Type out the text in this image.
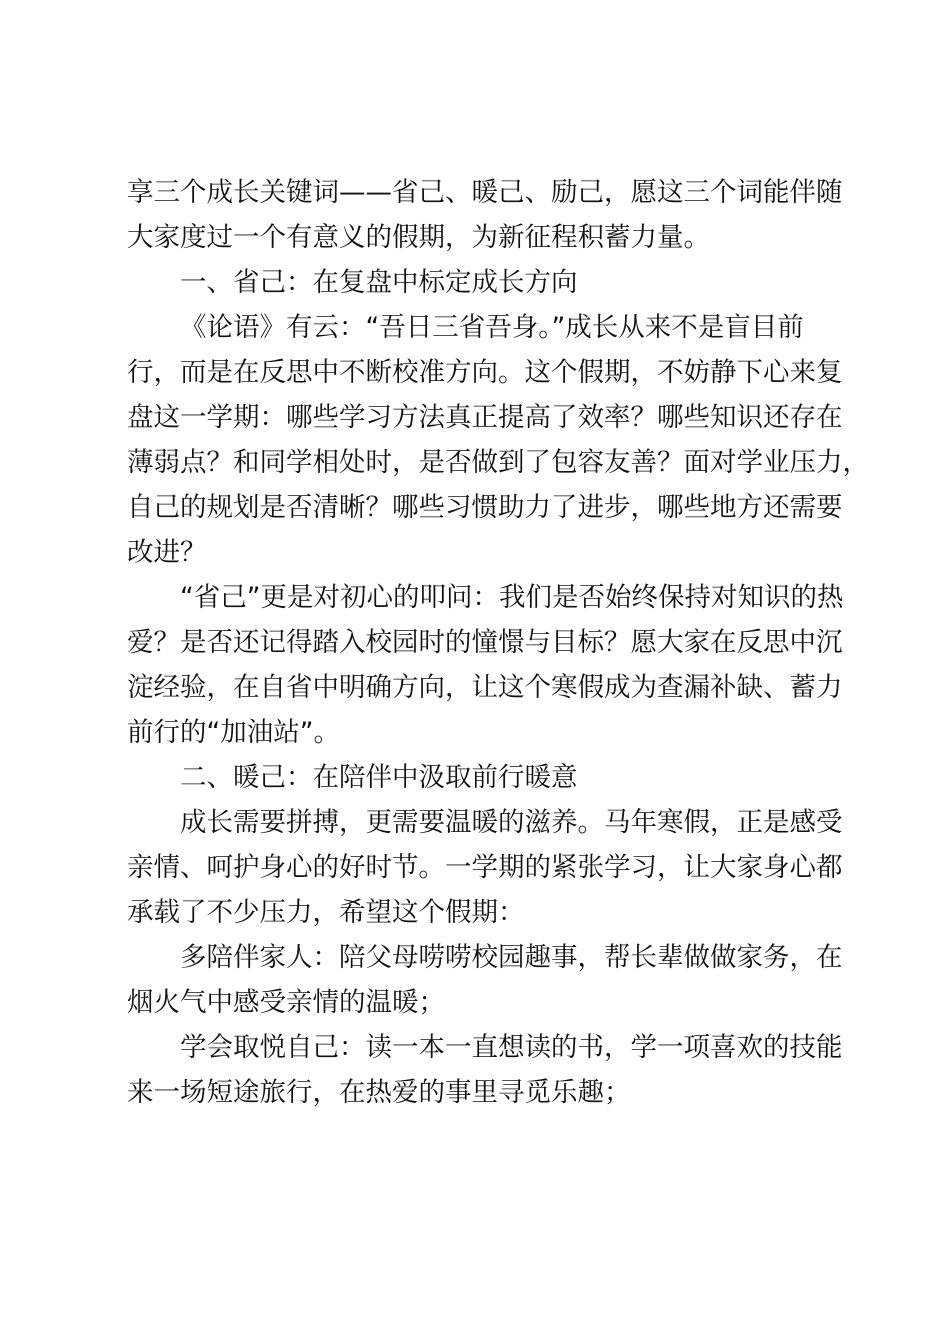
享三个成长关键词——省己、暖己、励己，愿这三个词能伴随

大家度过一个有意义的假期，为新征程积蓄力量。

一、省己：在复盘中标定成长方向

《论语》有云：“吾日三省吾身。”成长从来不是盲目前

行，而是在反思中不断校准方向。这个假期，不妨静下心来复

盘这一学期：哪些学习方法真正提高了效率？哪些知识还存在

薄弱点？和同学相处时，是否做到了包容友善？面对学业压力，

自己的规划是否清晰？哪些习惯助力了进步，哪些地方还需要

改进？

“省己”更是对初心的叩问：我们是否始终保持对知识的热

爱？是否还记得踏入校园时的憧憬与目标？愿大家在反思中沉

淀经验，在自省中明确方向，让这个寒假成为查漏补缺、蓄力

前行的“加油站”。

二、暖己：在陪伴中汲取前行暖意

成长需要拼搏，更需要温暖的滋养。马年寒假，正是感受

亲情、呵护身心的好时节。一学期的紧张学习，让大家身心都

承载了不少压力，希望这个假期：

多陪伴家人：陪父母唠唠校园趣事，帮长辈做做家务，在

烟火气中感受亲情的温暖；

学会取悦自己：读一本一直想读的书，学一项喜欢的技能

来一场短途旅行，在热爱的事里寻觅乐趣；
